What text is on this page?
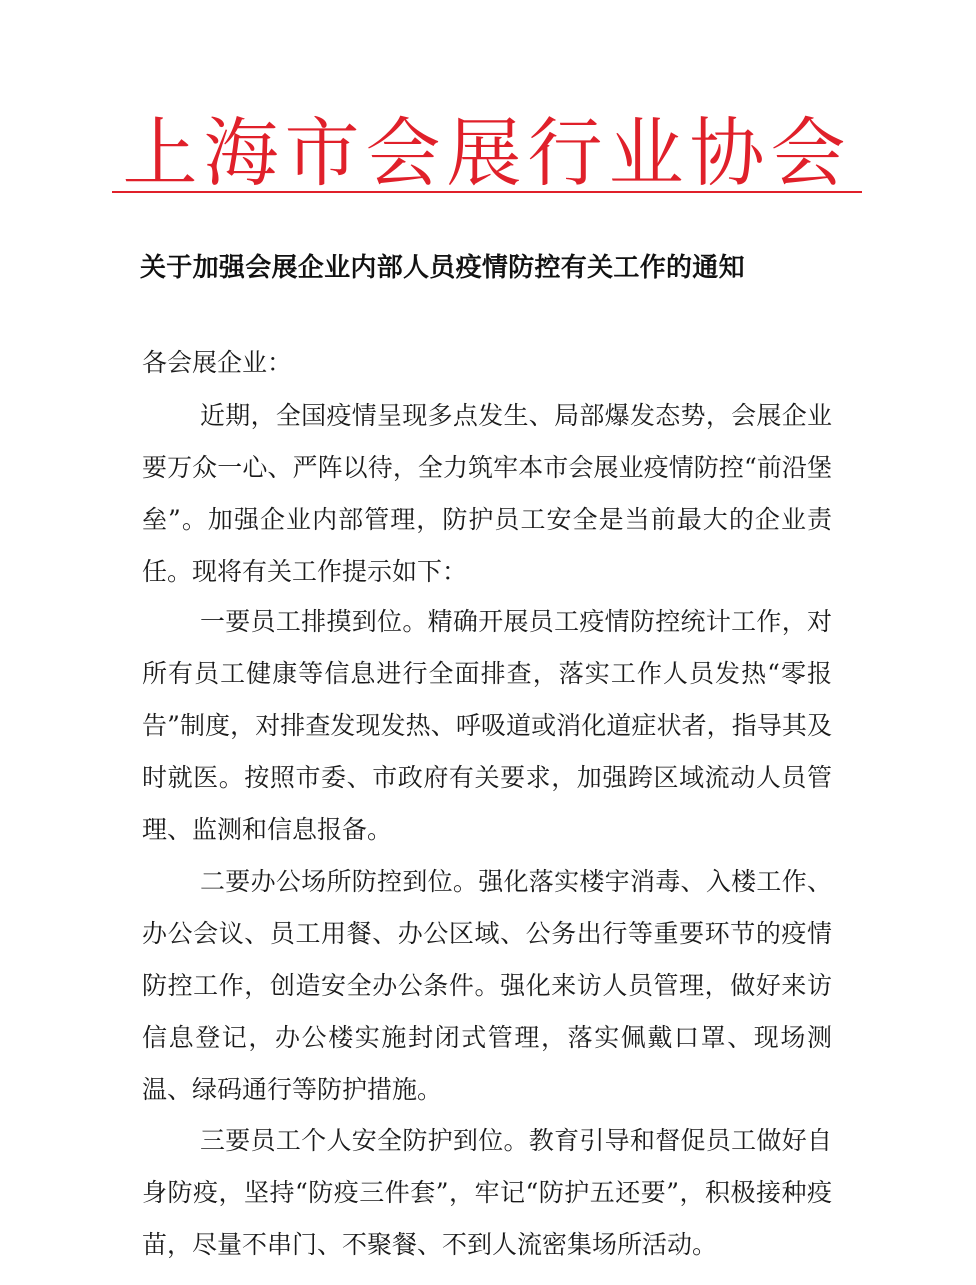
上海市会展行业协会
关于加强会展企业内部人员疫情防控有关工作的通知

各会展企业：

近期，全国疫情呈现多点发生、局部爆发态势，会展企业要万众一心、严阵以待，全力筑牢本市会展业疫情防控“前沿堡垒”。加强企业内部管理，防护员工安全是当前最大的企业责任。现将有关工作提示如下：

一要员工排摸到位。精确开展员工疫情防控统计工作，对所有员工健康等信息进行全面排查，落实工作人员发热“零报告”制度，对排查发现发热、呼吸道或消化道症状者，指导其及时就医。按照市委、市政府有关要求，加强跨区域流动人员管理、监测和信息报备。

二要办公场所防控到位。强化落实楼宇消毒、入楼工作、办公会议、员工用餐、办公区域、公务出行等重要环节的疫情防控工作，创造安全办公条件。强化来访人员管理，做好来访信息登记，办公楼实施封闭式管理，落实佩戴口罩、现场测温、绿码通行等防护措施。

三要员工个人安全防护到位。教育引导和督促员工做好自身防疫，坚持“防疫三件套”，牢记“防护五还要”，积极接种疫苗，尽量不串门、不聚餐、不到人流密集场所活动。
